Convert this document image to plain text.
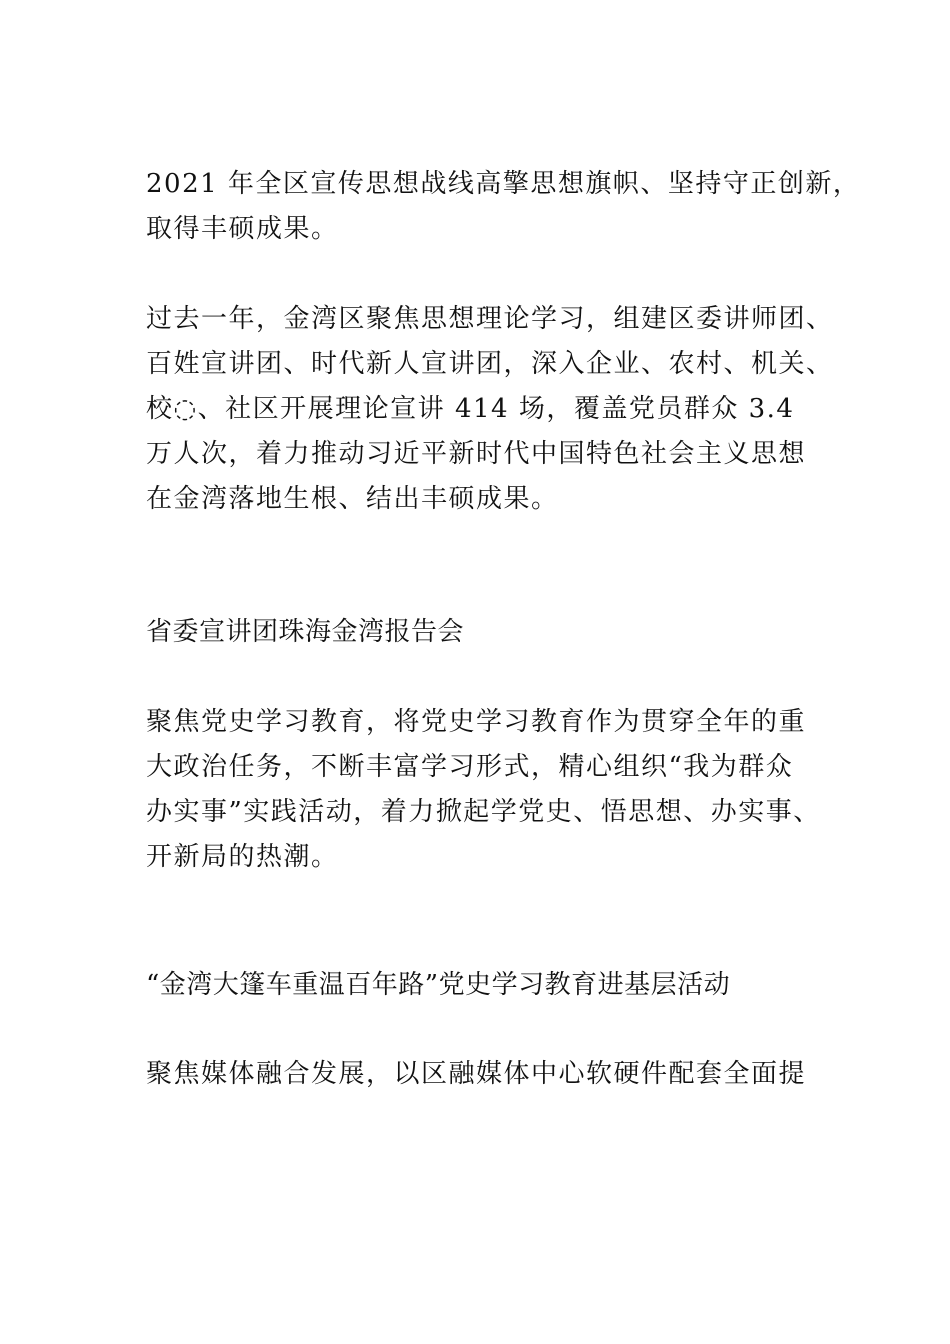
2021 年全区宣传思想战线高擎思想旗帜、坚持守正创新，
取得丰硕成果。
过去一年，金湾区聚焦思想理论学习，组建区委讲师团、
百姓宣讲团、时代新人宣讲团，深入企业、农村、机关、
校◌、社区开展理论宣讲 414 场，覆盖党员群众 3.4
万人次，着力推动习近平新时代中国特色社会主义思想
在金湾落地生根、结出丰硕成果。
省委宣讲团珠海金湾报告会
聚焦党史学习教育，将党史学习教育作为贯穿全年的重
大政治任务，不断丰富学习形式，精心组织“我为群众
办实事”实践活动，着力掀起学党史、悟思想、办实事、
开新局的热潮。
“金湾大篷车重温百年路”党史学习教育进基层活动
聚焦媒体融合发展，以区融媒体中心软硬件配套全面提
